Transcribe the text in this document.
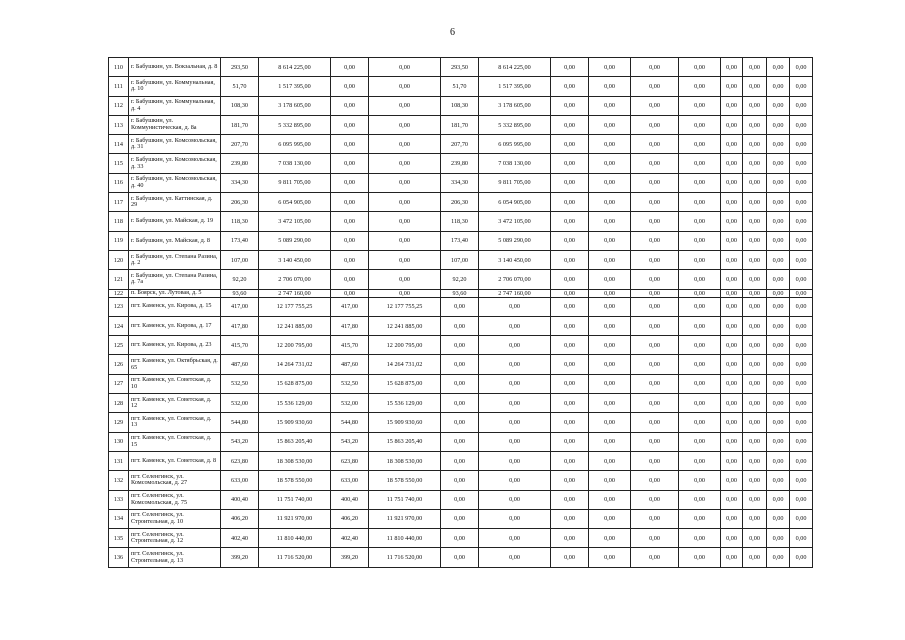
6
110	г. Бабушкин, ул. Вокзальная, д. 8	293,50	8 614 225,00	0,00	0,00	293,50	8 614 225,00	0,00	0,00	0,00	0,00	0,00	0,00	0,00	0,00
111	г. Бабушкин, ул. Коммунальная, д. 10	51,70	1 517 395,00	0,00	0,00	51,70	1 517 395,00	0,00	0,00	0,00	0,00	0,00	0,00	0,00	0,00
112	г. Бабушкин, ул. Коммунальная, д. 4	108,30	3 178 605,00	0,00	0,00	108,30	3 178 605,00	0,00	0,00	0,00	0,00	0,00	0,00	0,00	0,00
113	г. Бабушкин, ул. Коммунистическая, д. 8а	181,70	5 332 895,00	0,00	0,00	181,70	5 332 895,00	0,00	0,00	0,00	0,00	0,00	0,00	0,00	0,00
114	г. Бабушкин, ул. Комсомольская, д. 31	207,70	6 095 995,00	0,00	0,00	207,70	6 095 995,00	0,00	0,00	0,00	0,00	0,00	0,00	0,00	0,00
115	г. Бабушкин, ул. Комсомольская, д. 33	239,80	7 038 130,00	0,00	0,00	239,80	7 038 130,00	0,00	0,00	0,00	0,00	0,00	0,00	0,00	0,00
116	г. Бабушкин, ул. Комсомольская, д. 40	334,30	9 811 705,00	0,00	0,00	334,30	9 811 705,00	0,00	0,00	0,00	0,00	0,00	0,00	0,00	0,00
117	г. Бабушкин, ул. Каттинская, д. 29	206,30	6 054 905,00	0,00	0,00	206,30	6 054 905,00	0,00	0,00	0,00	0,00	0,00	0,00	0,00	0,00
118	г. Бабушкин, ул. Майская, д. 19	118,30	3 472 105,00	0,00	0,00	118,30	3 472 105,00	0,00	0,00	0,00	0,00	0,00	0,00	0,00	0,00
119	г. Бабушкин, ул. Майская, д. 8	173,40	5 089 290,00	0,00	0,00	173,40	5 089 290,00	0,00	0,00	0,00	0,00	0,00	0,00	0,00	0,00
120	г. Бабушкин, ул. Степана Разина, д. 2	107,00	3 140 450,00	0,00	0,00	107,00	3 140 450,00	0,00	0,00	0,00	0,00	0,00	0,00	0,00	0,00
121	г. Бабушкин, ул. Степана Разина, д. 7а	92,20	2 706 070,00	0,00	0,00	92,20	2 706 070,00	0,00	0,00	0,00	0,00	0,00	0,00	0,00	0,00
122	п. Боярск, ул. Лутовая, д. 5	93,60	2 747 160,00	0,00	0,00	93,60	2 747 160,00	0,00	0,00	0,00	0,00	0,00	0,00	0,00	0,00
123	пгт. Каменск, ул. Кирова, д. 15	417,00	12 177 755,25	417,00	12 177 755,25	0,00	0,00	0,00	0,00	0,00	0,00	0,00	0,00	0,00	0,00
124	пгт. Каменск, ул. Кирова, д. 17	417,80	12 241 885,00	417,80	12 241 885,00	0,00	0,00	0,00	0,00	0,00	0,00	0,00	0,00	0,00	0,00
125	пгт. Каменск, ул. Кирова, д. 23	415,70	12 200 795,00	415,70	12 200 795,00	0,00	0,00	0,00	0,00	0,00	0,00	0,00	0,00	0,00	0,00
126	пгт. Каменск, ул. Октябрьская, д. 65	487,60	14 264 731,02	487,60	14 264 731,02	0,00	0,00	0,00	0,00	0,00	0,00	0,00	0,00	0,00	0,00
127	пгт. Каменск, ул. Советская, д. 10	532,50	15 628 875,00	532,50	15 628 875,00	0,00	0,00	0,00	0,00	0,00	0,00	0,00	0,00	0,00	0,00
128	пгт. Каменск, ул. Советская, д. 12	532,00	15 536 129,00	532,00	15 536 129,00	0,00	0,00	0,00	0,00	0,00	0,00	0,00	0,00	0,00	0,00
129	пгт. Каменск, ул. Советская, д. 13	544,80	15 909 930,60	544,80	15 909 930,60	0,00	0,00	0,00	0,00	0,00	0,00	0,00	0,00	0,00	0,00
130	пгт. Каменск, ул. Советская, д. 15	543,20	15 863 205,40	543,20	15 863 205,40	0,00	0,00	0,00	0,00	0,00	0,00	0,00	0,00	0,00	0,00
131	пгт. Каменск, ул. Советская, д. 8	623,80	18 308 530,00	623,80	18 308 530,00	0,00	0,00	0,00	0,00	0,00	0,00	0,00	0,00	0,00	0,00
132	пгт. Селенгинск, ул. Комсомольская, д. 27	633,00	18 578 550,00	633,00	18 578 550,00	0,00	0,00	0,00	0,00	0,00	0,00	0,00	0,00	0,00	0,00
133	пгт. Селенгинск, ул. Комсомольская, д. 75	400,40	11 751 740,00	400,40	11 751 740,00	0,00	0,00	0,00	0,00	0,00	0,00	0,00	0,00	0,00	0,00
134	пгт. Селенгинск, ул. Строительная, д. 10	406,20	11 921 970,00	406,20	11 921 970,00	0,00	0,00	0,00	0,00	0,00	0,00	0,00	0,00	0,00	0,00
135	пгт. Селенгинск, ул. Строительная, д. 12	402,40	11 810 440,00	402,40	11 810 440,00	0,00	0,00	0,00	0,00	0,00	0,00	0,00	0,00	0,00	0,00
136	пгт. Селенгинск, ул. Строительная, д. 13	399,20	11 716 520,00	399,20	11 716 520,00	0,00	0,00	0,00	0,00	0,00	0,00	0,00	0,00	0,00	0,00
